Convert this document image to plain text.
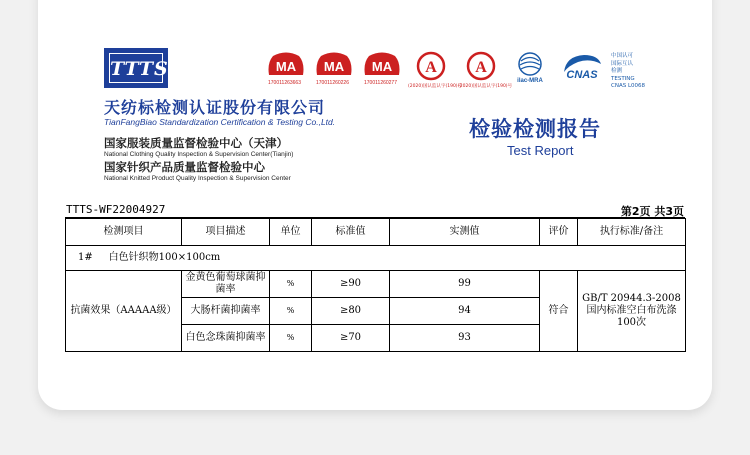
TTTS
天纺标检测认证股份有限公司
TianFangBiao Standardization Certification & Testing Co.,Ltd.
国家服装质量监督检验中心（天津）
National Clothing Quality Inspection & Supervision Center(Tianjin)
国家针织产品质量监督检验中心
National Knitted Product Quality Inspection & Supervision Center
MA MA MA
170011263663	170011260226	170011260277
A A
(2020)国认监认字(190)号
(2020)国认监认字(190)号
ilac-MRA CNAS
中国认可
国际互认
检测
TESTING
CNAS L0068
检验检测报告
Test Report
TTTS-WF22004927	第2页 共3页
检测项目	项目描述	单位	标准值	实测值	评价	执行标准/备注
1# 白色针织物100×100cm						
抗菌效果（AAAAA级）	金黄色葡萄球菌抑菌率	%	≥90	99	符合	GB/T 20944.3-2008 国内标准空白布洗涤100次
	大肠杆菌抑菌率	%	≥80	94		
	白色念珠菌抑菌率	%	≥70	93		
